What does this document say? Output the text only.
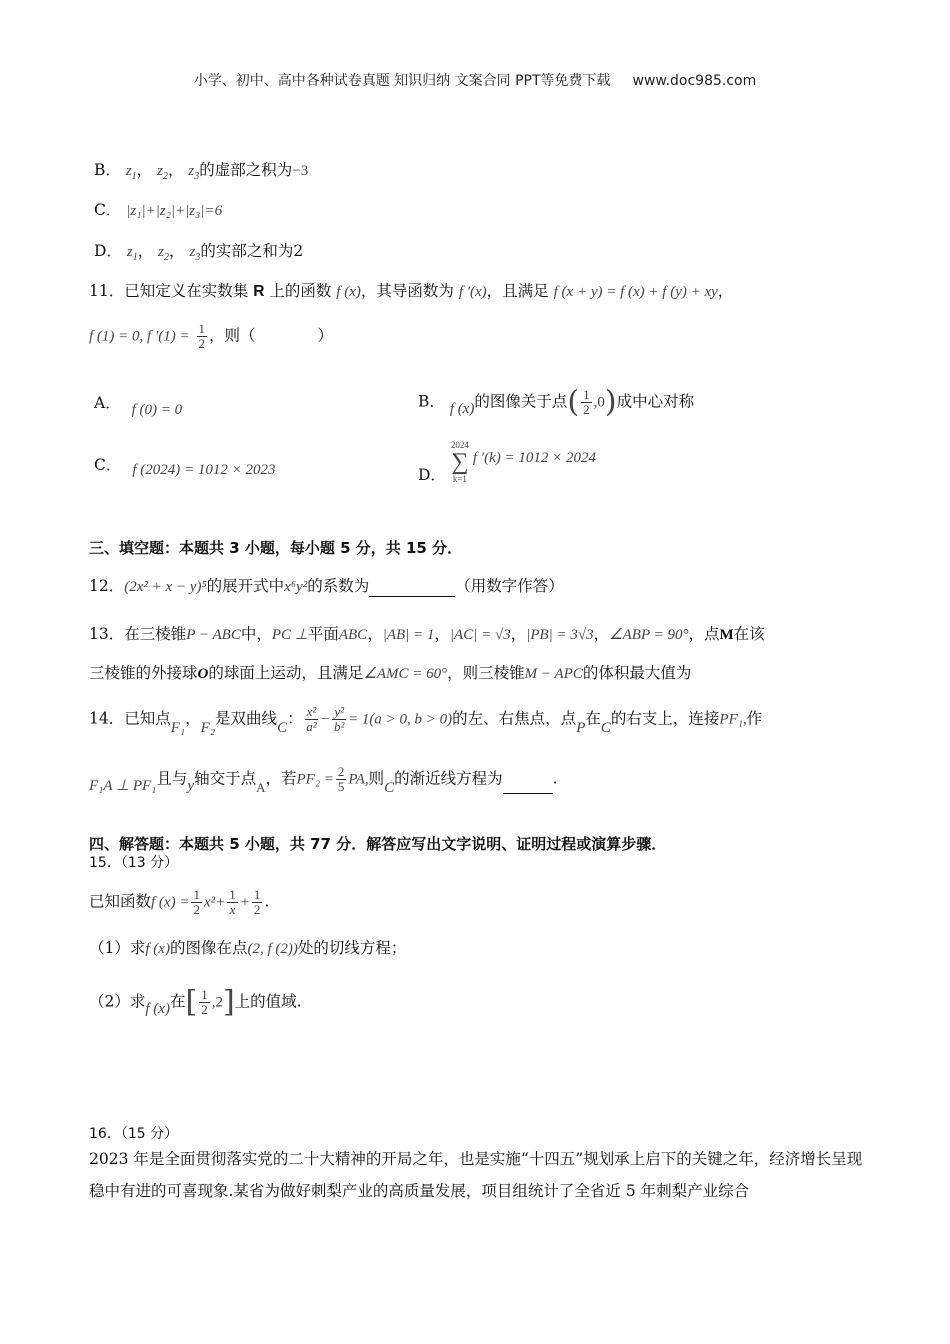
小学、初中、高中各种试卷真题 知识归纳 文案合同 PPT等免费下载 www.doc985.com
B． $z_1$， $z_2$， $z_3$的虚部之积为−3
C． |z₁|+|z₂|+|z₃|=6
D． $z_1$， $z_2$， $z_3$的实部之和为2
11．已知定义在实数集 R 上的函数 f (x)，其导函数为 f ′(x)，且满足 f (x + y) = f (x) + f (y) + xy，
f (1) = 0, f $'(1) = \frac{1}{2}$ ，则（　　　　）
A． f (0) = 0	B． f (x)的图像关于点( $\frac{1}{2} ,0$)成中心对称
C． f (2024) = 1012 × 2023	D．
2024
∑
k=1
f ′(k) = 1012 × 2024
三、填空题：本题共 3 小题，每小题 5 分，共 15 分．
12．(2x² + x − y)⁵的展开式中x⁶y²的系数为	（用数字作答）
13．在三棱锥P − ABC中，PC ⊥平面ABC，|AB| = 1，|AC| = √3，|PB| = 3√3，∠ABP = 90°，点M在该
三棱锥的外接球O的球面上运动，且满足∠AMC = 60°，则三棱锥M − APC的体积最大值为
14．已知点F₁，F₂是双曲线C： $\frac{\text{x²}}{\text{a²}} - \frac{\text{y²}}{\text{b²}} = 1(a > 0$, b > 0)的左、右焦点，点P在C的右支上，连接PF₁,作
F₁A ⊥ PF₁且与y轴交于点$_A$，若$PF_2 = \frac{2}{5}$ PA,则C的渐近线方程为	.
四、解答题：本题共 5 小题，共 77 分．解答应写出文字说明、证明过程或演算步骤．
15．（13 分）
已知函数f $(x) = \frac{1}{2} x^2+ \frac{1}{x} + \frac{1}{2}$ .
（1）求f (x)的图像在点(2, f (2))处的切线方程；
（2）求f (x)在[ $\frac{1}{2} ,2$]上的值域.
16．（15 分）
2023 年是全面贯彻落实党的二十大精神的开局之年，也是实施“十四五”规划承上启下的关键之年，经济增长呈现稳中有进的可喜现象.某省为做好刺梨产业的高质量发展，项目组统计了全省近 5 年刺梨产业综合
